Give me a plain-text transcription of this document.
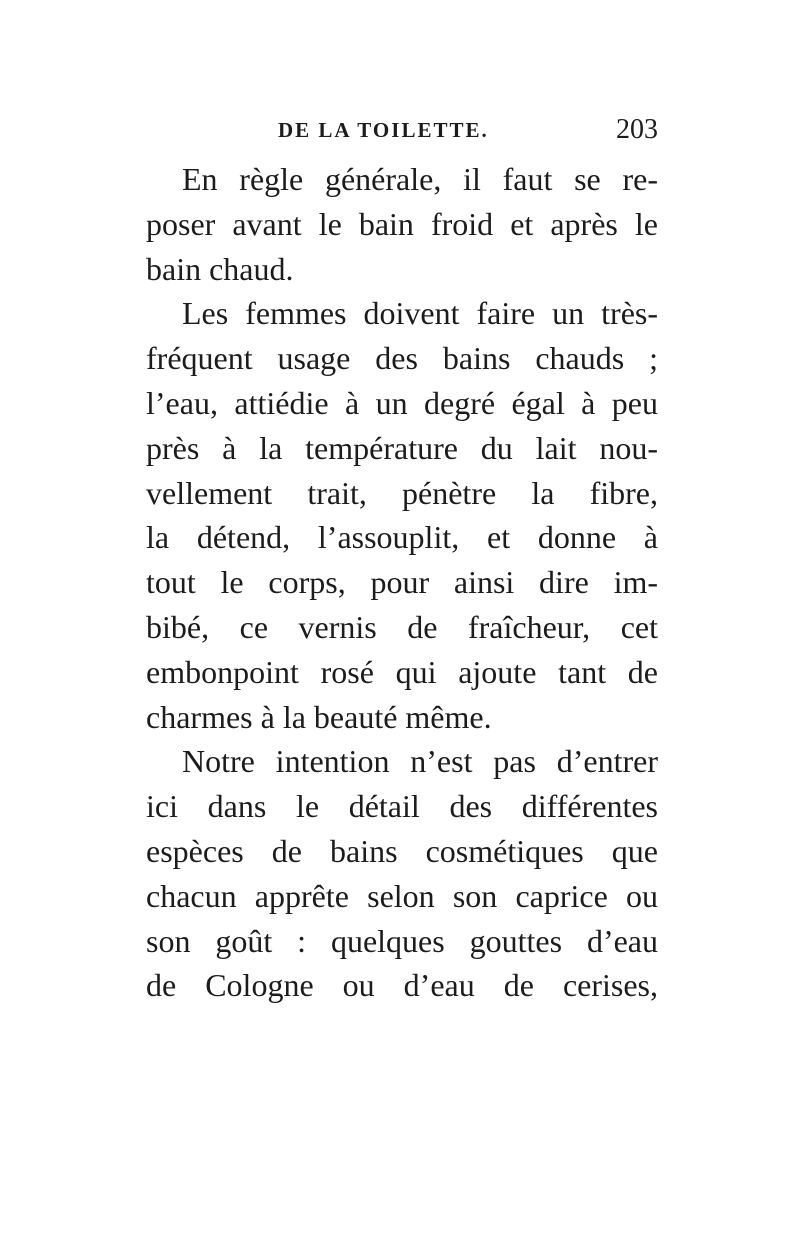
DE LA TOILETTE.	203
En règle générale, il faut se re-
poser avant le bain froid et après le
bain chaud.
Les femmes doivent faire un très-
fréquent usage des bains chauds ;
l’eau, attiédie à un degré égal à peu
près à la température du lait nou-
vellement trait, pénètre la fibre,
la détend, l’assouplit, et donne à
tout le corps, pour ainsi dire im-
bibé, ce vernis de fraîcheur, cet
embonpoint rosé qui ajoute tant de
charmes à la beauté même.
Notre intention n’est pas d’entrer
ici dans le détail des différentes
espèces de bains cosmétiques que
chacun apprête selon son caprice ou
son goût : quelques gouttes d’eau
de Cologne ou d’eau de cerises,
